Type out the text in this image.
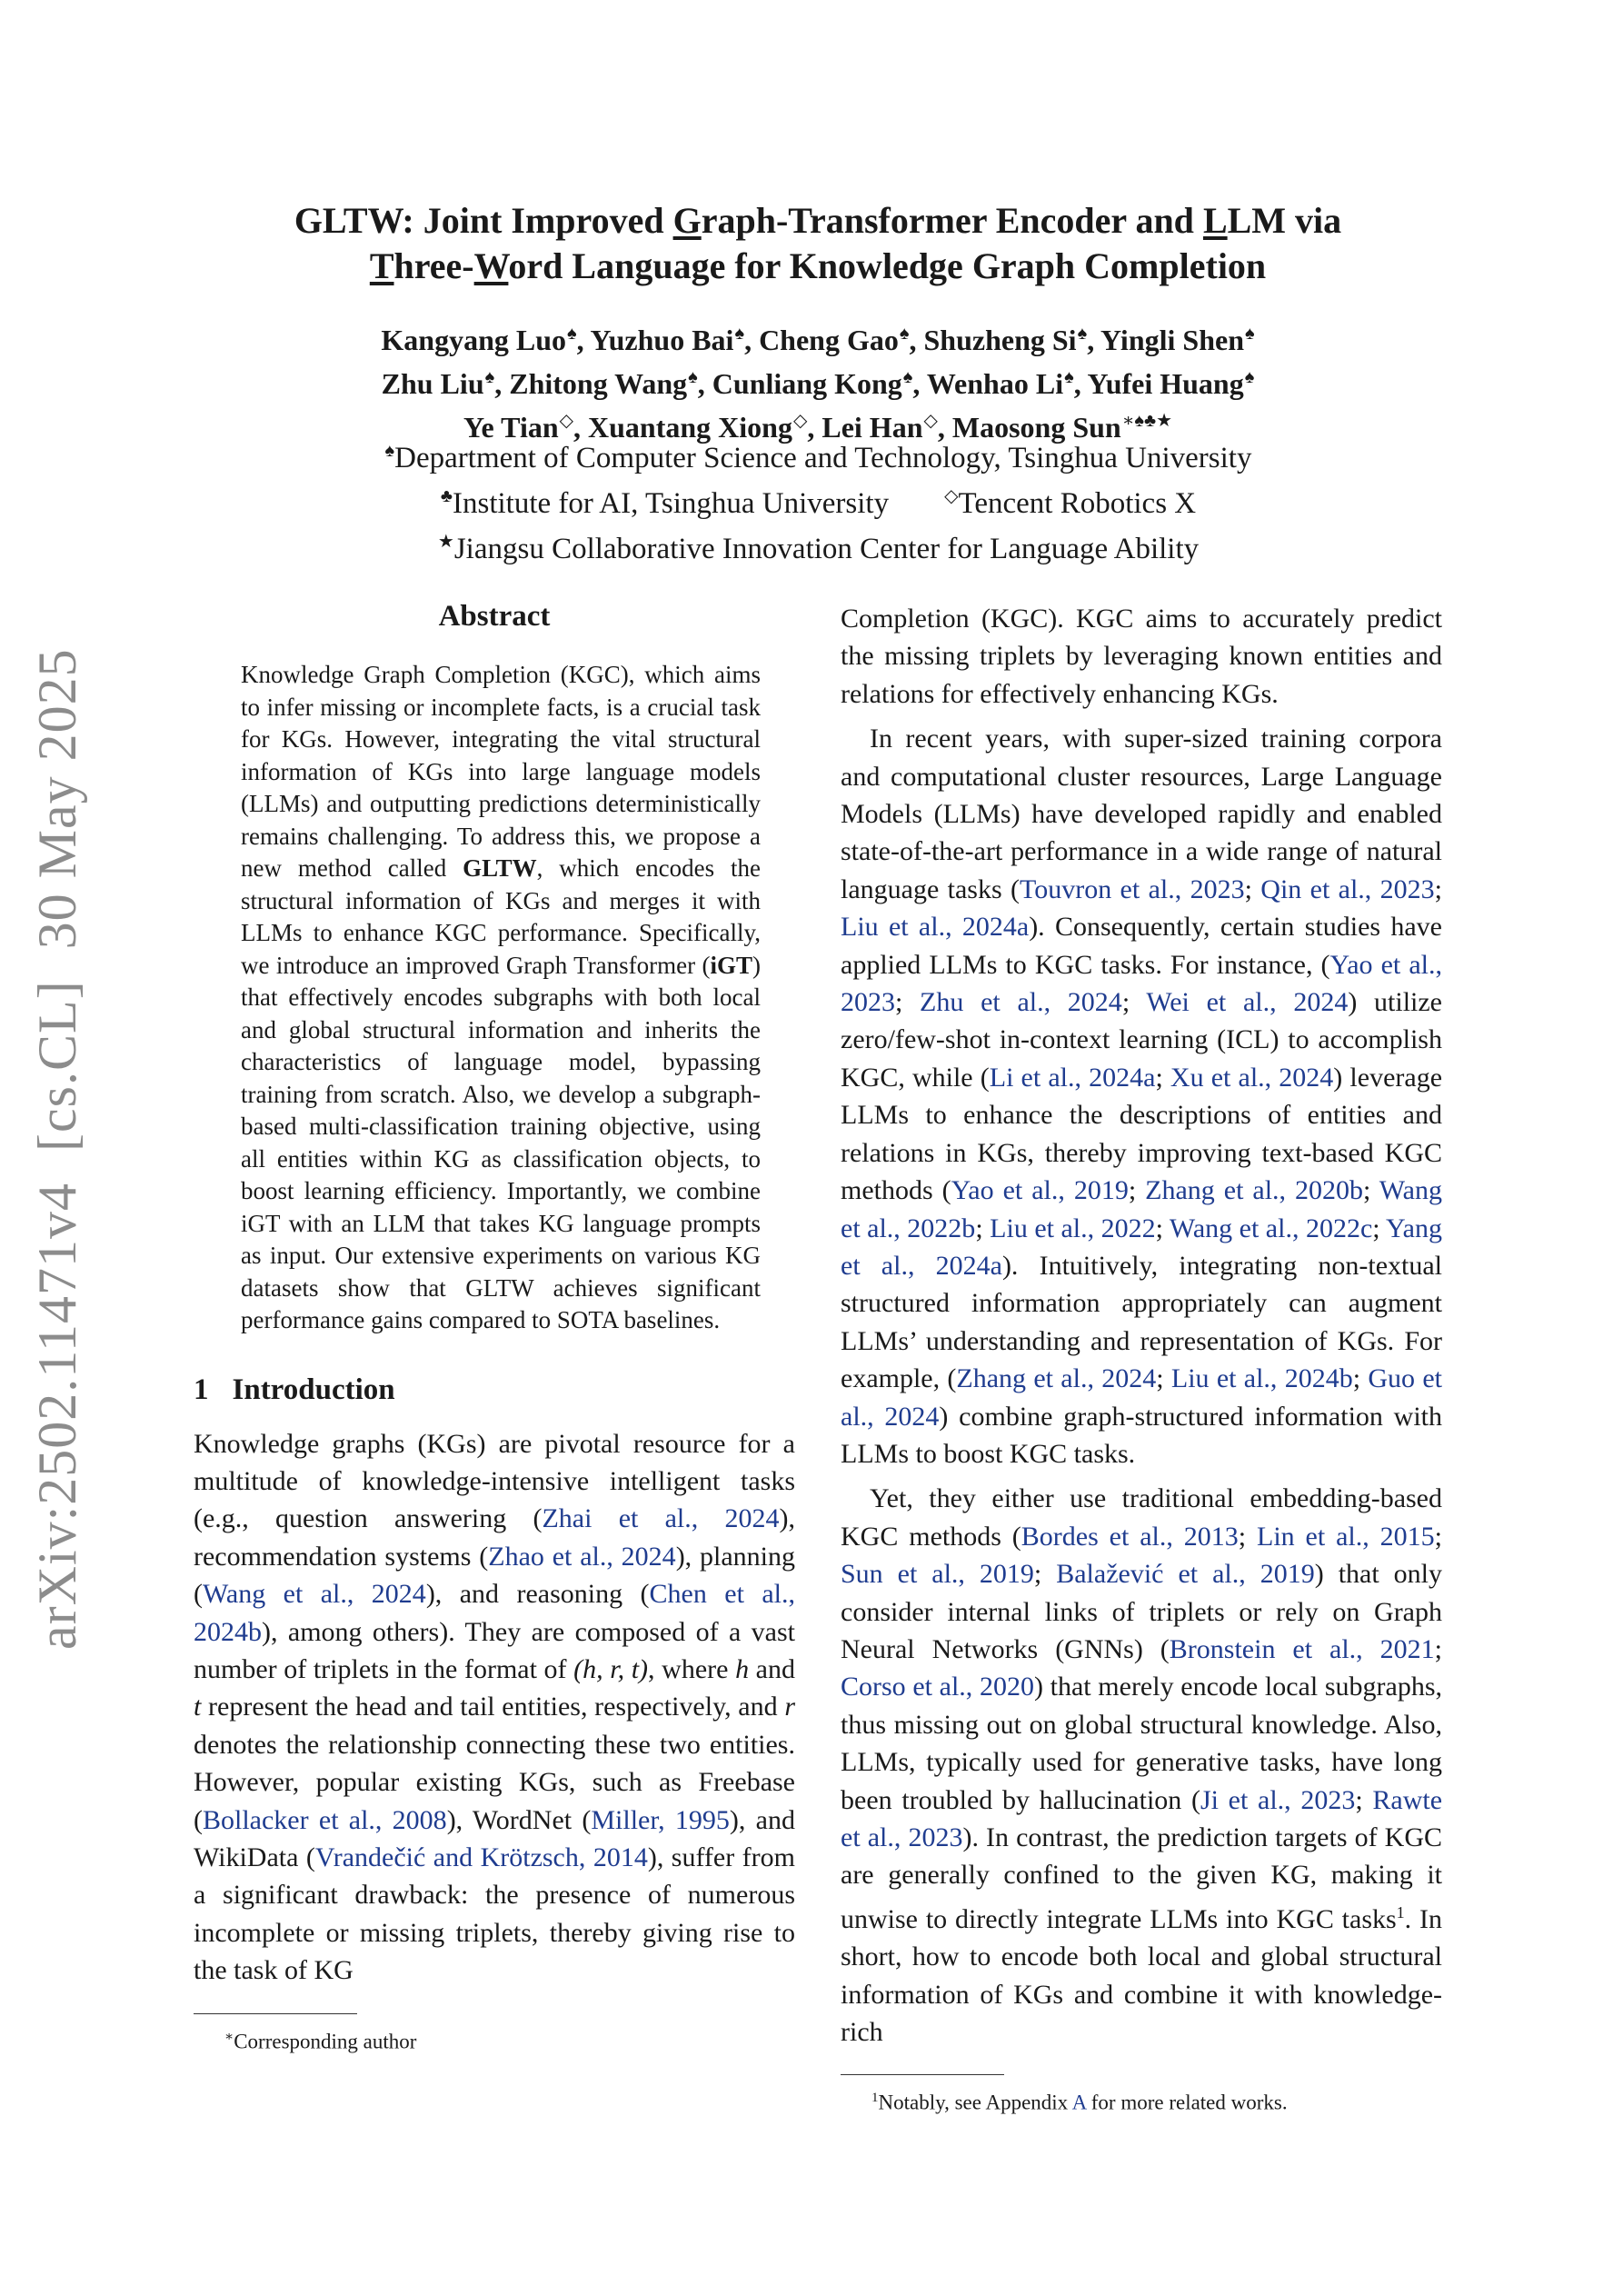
arXiv:2502.11471v4
[cs.CL]
30 May 2025
GLTW: Joint Improved Graph-Transformer Encoder and LLM via
Three-Word Language for Knowledge Graph Completion
Kangyang Luo♠, Yuzhuo Bai♠, Cheng Gao♠, Shuzheng Si♠, Yingli Shen♠
Zhu Liu♠, Zhitong Wang♠, Cunliang Kong♠, Wenhao Li♠, Yufei Huang♠
Ye Tian◇, Xuantang Xiong◇, Lei Han◇, Maosong Sun∗♠♣★
♠Department of Computer Science and Technology, Tsinghua University
♣Institute for AI, Tsinghua University	◇Tencent Robotics X
★Jiangsu Collaborative Innovation Center for Language Ability
Abstract
Knowledge Graph Completion (KGC), which aims to infer missing or incomplete facts, is a crucial task for KGs. However, integrating the vital structural information of KGs into large language models (LLMs) and outputting predictions deterministically remains challenging. To address this, we propose a new method called GLTW, which encodes the structural information of KGs and merges it with LLMs to enhance KGC performance. Specifically, we introduce an improved Graph Transformer (iGT) that effectively encodes subgraphs with both local and global structural information and inherits the characteristics of language model, bypassing training from scratch. Also, we develop a subgraph-based multi-classification training objective, using all entities within KG as classification objects, to boost learning efficiency. Importantly, we combine iGT with an LLM that takes KG language prompts as input. Our extensive experiments on various KG datasets show that GLTW achieves significant performance gains compared to SOTA baselines.
1 Introduction

Knowledge graphs (KGs) are pivotal resource for a multitude of knowledge-intensive intelligent tasks (e.g., question answering (Zhai et al., 2024), recommendation systems (Zhao et al., 2024), planning (Wang et al., 2024), and reasoning (Chen et al., 2024b), among others). They are composed of a vast number of triplets in the format of (h, r, t), where h and t represent the head and tail entities, respectively, and r denotes the relationship connecting these two entities. However, popular existing KGs, such as Freebase (Bollacker et al., 2008), WordNet (Miller, 1995), and WikiData (Vrandečić and Krötzsch, 2014), suffer from a significant drawback: the presence of numerous incomplete or missing triplets, thereby giving rise to the task of KG

∗Corresponding author

Completion (KGC). KGC aims to accurately predict the missing triplets by leveraging known entities and relations for effectively enhancing KGs.

In recent years, with super-sized training corpora and computational cluster resources, Large Language Models (LLMs) have developed rapidly and enabled state-of-the-art performance in a wide range of natural language tasks (Touvron et al., 2023; Qin et al., 2023; Liu et al., 2024a). Consequently, certain studies have applied LLMs to KGC tasks. For instance, (Yao et al., 2023; Zhu et al., 2024; Wei et al., 2024) utilize zero/few-shot in-context learning (ICL) to accomplish KGC, while (Li et al., 2024a; Xu et al., 2024) leverage LLMs to enhance the descriptions of entities and relations in KGs, thereby improving text-based KGC methods (Yao et al., 2019; Zhang et al., 2020b; Wang et al., 2022b; Liu et al., 2022; Wang et al., 2022c; Yang et al., 2024a). Intuitively, integrating non-textual structured information appropriately can augment LLMs’ understanding and representation of KGs. For example, (Zhang et al., 2024; Liu et al., 2024b; Guo et al., 2024) combine graph-structured information with LLMs to boost KGC tasks.

Yet, they either use traditional embedding-based KGC methods (Bordes et al., 2013; Lin et al., 2015; Sun et al., 2019; Balažević et al., 2019) that only consider internal links of triplets or rely on Graph Neural Networks (GNNs) (Bronstein et al., 2021; Corso et al., 2020) that merely encode local subgraphs, thus missing out on global structural knowledge. Also, LLMs, typically used for generative tasks, have long been troubled by hallucination (Ji et al., 2023; Rawte et al., 2023). In contrast, the prediction targets of KGC are generally confined to the given KG, making it unwise to directly integrate LLMs into KGC tasks$^1$. In short, how to encode both local and global structural information of KGs and combine it with knowledge-rich

$^1$Notably, see Appendix A for more related works.
